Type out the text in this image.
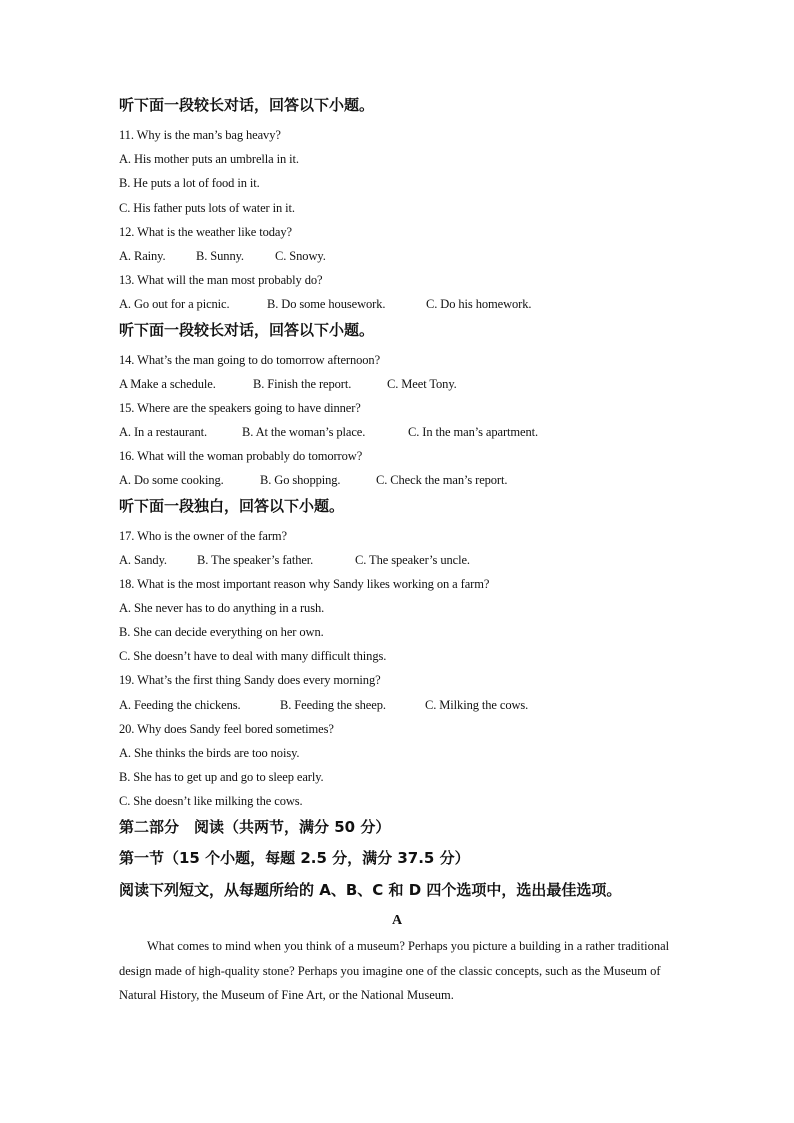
听下面一段较长对话，回答以下小题。
11. Why is the man’s bag heavy?
A. His mother puts an umbrella in it.
B. He puts a lot of food in it.
C. His father puts lots of water in it.
12. What is the weather like today?
A. Rainy. B. Sunny. C. Snowy.
13. What will the man most probably do?
A. Go out for a picnic.	B. Do some housework.	C. Do his homework.
听下面一段较长对话，回答以下小题。
14. What’s the man going to do tomorrow afternoon?
A Make a schedule.	B. Finish the report.	C. Meet Tony.
15. Where are the speakers going to have dinner?
A. In a restaurant.	B. At the woman’s place.	C. In the man’s apartment.
16. What will the woman probably do tomorrow?
A. Do some cooking.	B. Go shopping.	C. Check the man’s report.
听下面一段独白，回答以下小题。
17. Who is the owner of the farm?
A. Sandy. B. The speaker’s father.	C. The speaker’s uncle.
18. What is the most important reason why Sandy likes working on a farm?
A. She never has to do anything in a rush.
B. She can decide everything on her own.
C. She doesn’t have to deal with many difficult things.
19. What’s the first thing Sandy does every morning?
A. Feeding the chickens.	B. Feeding the sheep.	C. Milking the cows.
20. Why does Sandy feel bored sometimes?
A. She thinks the birds are too noisy.
B. She has to get up and go to sleep early.
C. She doesn’t like milking the cows.
第二部分　阅读（共两节，满分 50 分）
第一节（15 个小题，每题 2.5 分，满分 37.5 分）
阅读下列短文，从每题所给的 A、B、C 和 D 四个选项中，选出最佳选项。
A
What comes to mind when you think of a museum? Perhaps you picture a building in a rather traditional design made of high-quality stone? Perhaps you imagine one of the classic concepts, such as the Museum of Natural History, the Museum of Fine Art, or the National Museum.
